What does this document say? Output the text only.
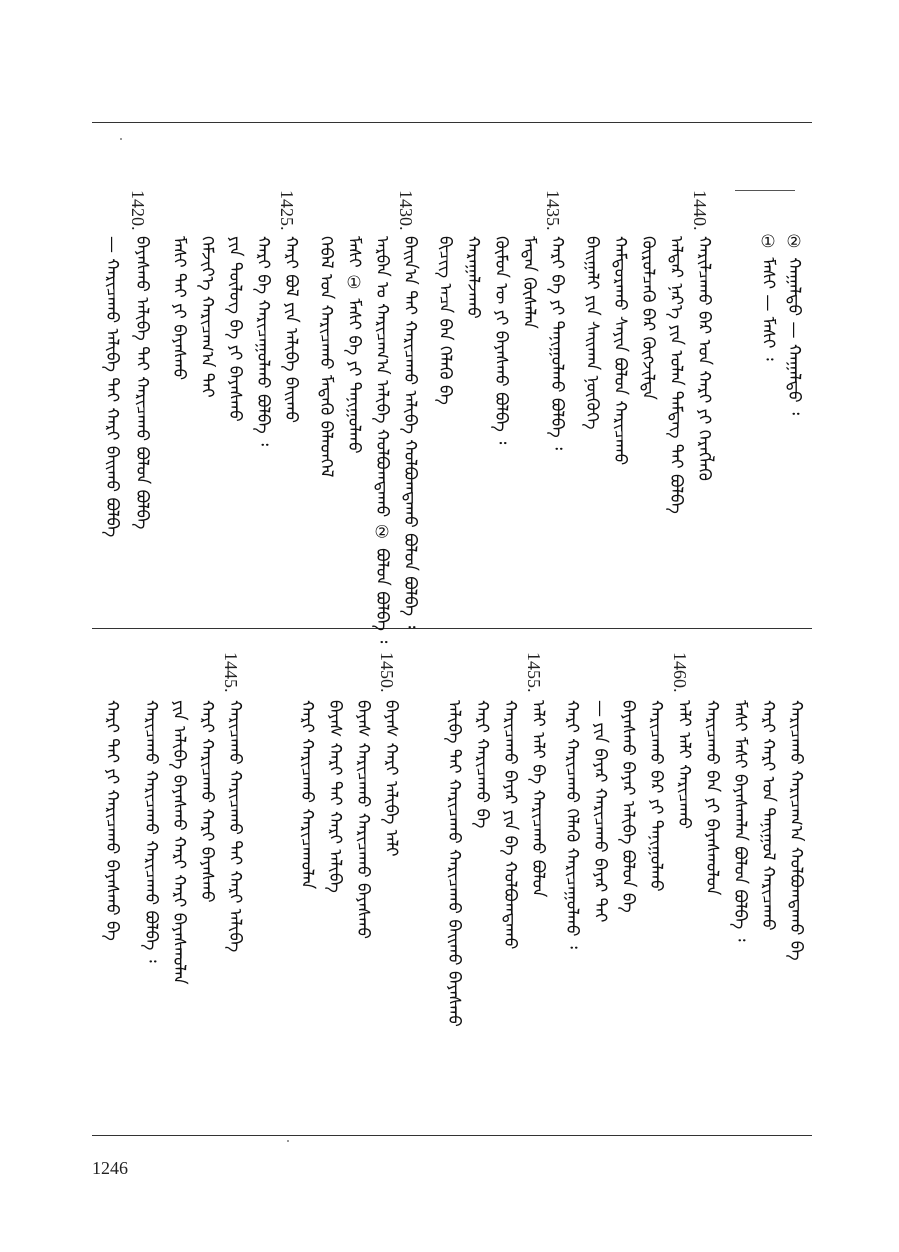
② ᠬᠠᠭᠠᠯᠲᠤ — ᠬᠠᠭᠠᠯᠲᠤ ᠄
① ᠮᠠᠰᠢ — ᠮᠠᠰᠢ ᠄
1440.
ᠬᠠᠷᠢᠯᠴᠠᠬᠤ ᠪᠠᠷ ᠤᠨ ᠬᠠᠷᠢ ᠶᠢ ᠬᠡᠷᠡᠭᠯᠡᠬᠦ
ᠠᠯᠳᠠᠷ ᠨᠡᠷ᠎ᠡ ᠶᠢᠨ ᠣᠯᠠᠨ ᠲᠡᠮᠳᠡᠭ ᠲᠠᠢ ᠪᠣᠯᠪᠠ
ᠬᠦᠷᠦᠯᠴᠡᠬᠦ ᠪᠠᠷ ᠬᠥᠭᠵᠢᠯᠲᠡ
ᠬᠠᠮᠲᠤᠷᠠᠬᠤ ᠰᠠᠶᠢᠨ ᠪᠣᠯᠤᠨ ᠬᠠᠷᠢᠴᠠᠬᠤ
ᠪᠠᠢᠭᠠᠯᠢ ᠶᠢᠨ ᠰᠠᠢᠬᠠᠨ ᠨᠥᠭᠦᠭᠡ
1435.
ᠬᠠᠷᠢ ᠪᠠ ᠶᠢ ᠲᠠᠨᠢᠭᠤᠯᠬᠤ ᠪᠣᠯᠪᠠ ᠄
ᠮᠡᠳᠡᠨ ᠬᠦᠰᠡᠯᠡᠨ
ᠬᠦᠮᠦᠨ ᠦ ᠶᠢ ᠪᠠᠶᠠᠰᠬᠤ ᠪᠣᠯᠪᠠ ᠄
ᠬᠠᠷᠠᠭᠠᠯᠵᠠᠬᠤ
ᠪᠢᠴᠢᠭ ᠠᠴᠠ ᠪᠠᠨ ᠬᠡᠯᠡᠬᠦ ᠪᠡ
1430.
ᠪᠠᠢᠨ᠎ᠠ ᠲᠠᠢ ᠬᠠᠷᠢᠴᠠᠬᠤ ᠠᠯᠢᠪᠠ ᠬᠣᠯᠪᠣᠭᠳᠠᠬᠤ ᠪᠣᠯᠤᠨ ᠪᠣᠯᠪᠠ ᠄
ᠠᠷᠪᠠᠨ ᠤ ᠬᠠᠷᠢᠴᠠᠭ᠎ᠠ ᠠᠯᠢᠪᠠ ᠬᠣᠯᠪᠣᠭᠳᠠᠬᠤ ② ᠪᠣᠯᠤᠨ ᠪᠣᠯᠪᠠ ᠄
ᠮᠠᠰᠢ ① ᠮᠠᠰᠢ ᠪᠠ ᠶᠢ ᠲᠠᠨᠢᠭᠤᠯᠬᠤ
ᠬᠡᠪᠡᠯ ᠤᠨ ᠬᠠᠷᠢᠴᠠᠬᠤ ᠮᠡᠳᠡᠬᠦ ᠪᠡᠯᠡᠳᠬᠡᠯ
1425.
ᠬᠠᠷᠢ ᠪᠣᠯ ᠶᠢᠨ ᠠᠯᠢᠪᠠ ᠪᠠᠢᠬᠤ
ᠬᠠᠷᠢ ᠪᠡ ᠬᠠᠷᠢᠴᠠᠭᠤᠯᠬᠤ ᠪᠣᠯᠪᠠ ᠄
ᠶᠢᠨ ᠲᠥᠯᠥᠭ ᠪᠠ ᠶᠢ ᠪᠠᠶᠠᠰᠬᠤ
ᠬᠡᠮᠵᠢᠶ᠎ᠡ ᠬᠠᠷᠢᠴᠠᠭ᠎ᠠ ᠲᠠᠢ
ᠮᠠᠰᠢ ᠲᠠᠢ ᠶᠢ ᠪᠠᠶᠠᠰᠬᠤ
1420.
ᠪᠠᠶᠠᠰᠬᠤ ᠠᠯᠢᠪᠠ ᠲᠠᠢ ᠬᠠᠷᠢᠴᠠᠬᠤ ᠪᠣᠯᠤᠨ ᠪᠣᠯᠪᠠ
— ᠬᠠᠷᠢᠴᠠᠬᠤ ᠠᠯᠢᠪᠠ ᠲᠠᠢ ᠬᠠᠷᠢ ᠪᠠᠢᠬᠤ ᠪᠣᠯᠪᠠ
ᠬᠠᠷᠢᠴᠠᠬᠤ ᠬᠠᠷᠢᠴᠠᠭ᠎ᠠ ᠬᠣᠯᠪᠣᠭᠳᠠᠬᠤ ᠪᠡ
ᠬᠠᠷᠢ ᠬᠠᠷᠢ ᠤᠨ ᠲᠠᠨᠢᠭᠤᠯ ᠬᠠᠷᠢᠴᠠᠬᠤ
ᠮᠠᠰᠢ ᠮᠠᠰᠢ ᠪᠠᠶᠠᠰᠬᠠᠯᠠᠨ ᠪᠣᠯᠤᠨ ᠪᠣᠯᠪᠠ ᠄
ᠬᠠᠷᠢᠴᠠᠬᠤ ᠪᠠᠨ ᠶᠢ ᠪᠠᠶᠠᠰᠬᠤᠯᠤᠨ
1460.
ᠠᠯᠢ ᠠᠯᠢ ᠬᠠᠷᠢᠴᠠᠬᠤ
ᠬᠠᠷᠢᠴᠠᠬᠤ ᠪᠠᠷ ᠶᠢ ᠲᠠᠨᠢᠭᠤᠯᠬᠤ
ᠪᠠᠶᠠᠰᠬᠤ ᠪᠠᠶᠠᠷ ᠠᠯᠢᠪᠠ ᠪᠣᠯᠤᠨ ᠪᠡ
— ᠶᠢᠨ ᠪᠠᠶᠠᠷ ᠬᠠᠷᠢᠴᠠᠬᠤ ᠪᠠᠶᠠᠷ ᠲᠠᠢ
ᠬᠠᠷᠢ ᠬᠠᠷᠢᠴᠠᠬᠤ ᠬᠡᠯᠡᠬᠦ ᠬᠠᠷᠢᠴᠠᠭᠤᠯᠬᠤ ᠄
1455.
ᠠᠯᠢ ᠠᠯᠢ ᠪᠡ ᠬᠠᠷᠢᠴᠠᠬᠤ ᠪᠣᠯᠤᠨ
ᠬᠠᠷᠢᠴᠠᠬᠤ ᠪᠠᠶᠠᠷ ᠶᠢᠨ ᠪᠡ ᠬᠣᠯᠪᠣᠭᠳᠠᠬᠤ
ᠬᠠᠷᠢ ᠬᠠᠷᠢᠴᠠᠬᠤ ᠪᠡ
ᠠᠯᠢᠪᠠ ᠲᠠᠢ ᠬᠠᠷᠢᠴᠠᠬᠤ ᠬᠠᠷᠢᠴᠠᠬᠤ ᠪᠠᠢᠬᠤ ᠪᠠᠶᠠᠰᠬᠤ
1450.
ᠪᠠᠶᠠᠰ ᠬᠠᠷᠢ ᠠᠯᠢᠪᠠ ᠠᠯᠢ
ᠪᠠᠶᠠᠰ ᠬᠠᠷᠢᠴᠠᠬᠤ ᠬᠠᠷᠢᠴᠠᠬᠤ ᠪᠠᠶᠠᠰᠬᠤ
ᠪᠠᠶᠠᠰ ᠬᠠᠷᠢ ᠲᠠᠢ ᠬᠠᠷᠢ ᠠᠯᠢᠪᠠ
ᠬᠠᠷᠢ ᠬᠠᠷᠢᠴᠠᠬᠤ ᠬᠠᠷᠢᠴᠠᠬᠤᠯᠠᠨ
1445.
ᠬᠠᠷᠢᠴᠠᠬᠤ ᠬᠠᠷᠢᠴᠠᠬᠤ ᠲᠠᠢ ᠬᠠᠷᠢ ᠠᠯᠢᠪᠠ
ᠬᠠᠷᠢ ᠬᠠᠷᠢᠴᠠᠬᠤ ᠬᠠᠷᠢ ᠪᠠᠶᠠᠰᠬᠤ
ᠶᠢᠨ ᠠᠯᠢᠪᠠ ᠪᠠᠶᠠᠰᠬᠤ ᠬᠠᠷᠢ ᠬᠠᠷᠢ ᠪᠠᠶᠠᠰᠬᠤᠯᠠᠨ
ᠬᠠᠷᠢᠴᠠᠬᠤ ᠬᠠᠷᠢᠴᠠᠬᠤ ᠬᠠᠷᠢᠴᠠᠬᠤ ᠪᠣᠯᠪᠠ ᠄
ᠬᠠᠷᠢ ᠲᠠᠢ ᠶᠢ ᠬᠠᠷᠢᠴᠠᠬᠤ ᠪᠠᠶᠠᠰᠬᠤ ᠪᠡ
1246
